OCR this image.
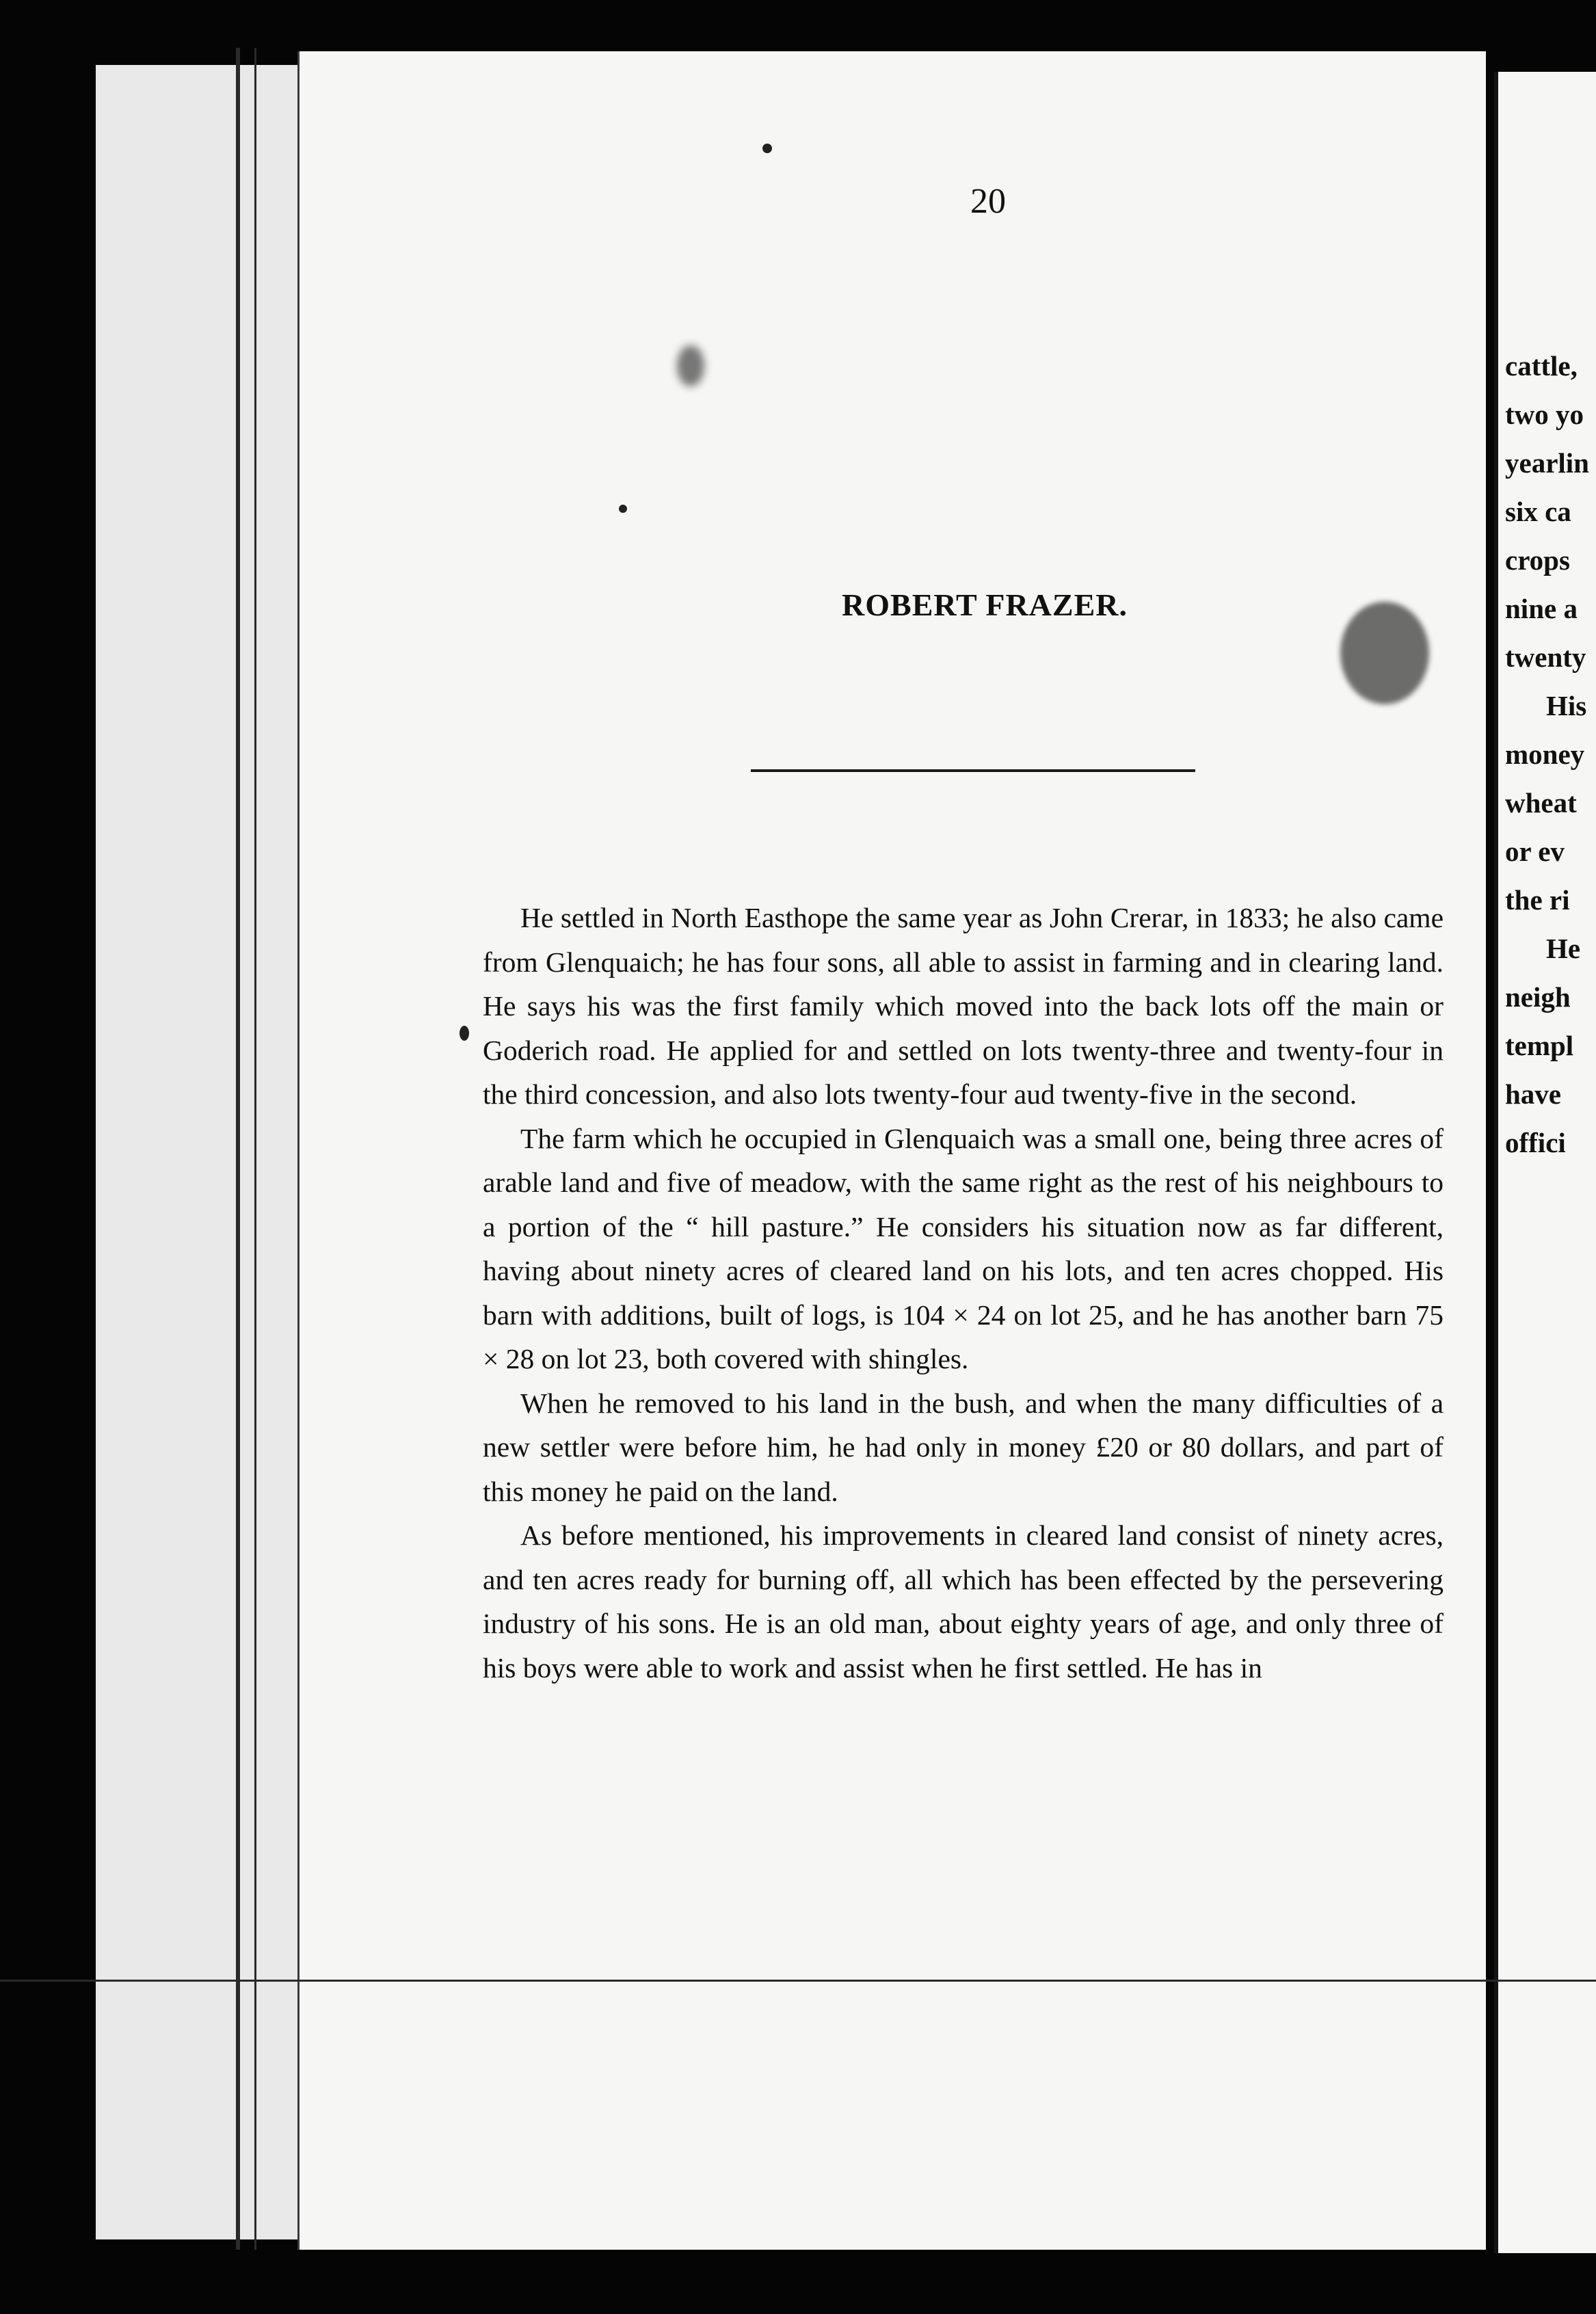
20
ROBERT FRAZER.

He settled in North Easthope the same year as John Crerar, in 1833; he also came from Glenquaich; he has four sons, all able to assist in farming and in clearing land. He says his was the first family which moved into the back lots off the main or Goderich road. He applied for and settled on lots twenty-three and twenty-four in the third concession, and also lots twenty-four aud twenty-five in the second.

The farm which he occupied in Glenquaich was a small one, being three acres of arable land and five of meadow, with the same right as the rest of his neighbours to a portion of the “ hill pasture.” He considers his situation now as far different, having about ninety acres of cleared land on his lots, and ten acres chopped. His barn with additions, built of logs, is 104 × 24 on lot 25, and he has another barn 75 × 28 on lot 23, both covered with shingles.

When he removed to his land in the bush, and when the many difficulties of a new settler were before him, he had only in money £20 or 80 dollars, and part of this money he paid on the land.

As before mentioned, his improvements in cleared land consist of ninety acres, and ten acres ready for burning off, all which has been effected by the persevering industry of his sons. He is an old man, about eighty years of age, and only three of his boys were able to work and assist when he first settled. He has in

cattle,
two yo
yearlin
six ca
crops
nine a
twenty
His
money
wheat
or ev
the ri
He
neigh
templ
have
offici
